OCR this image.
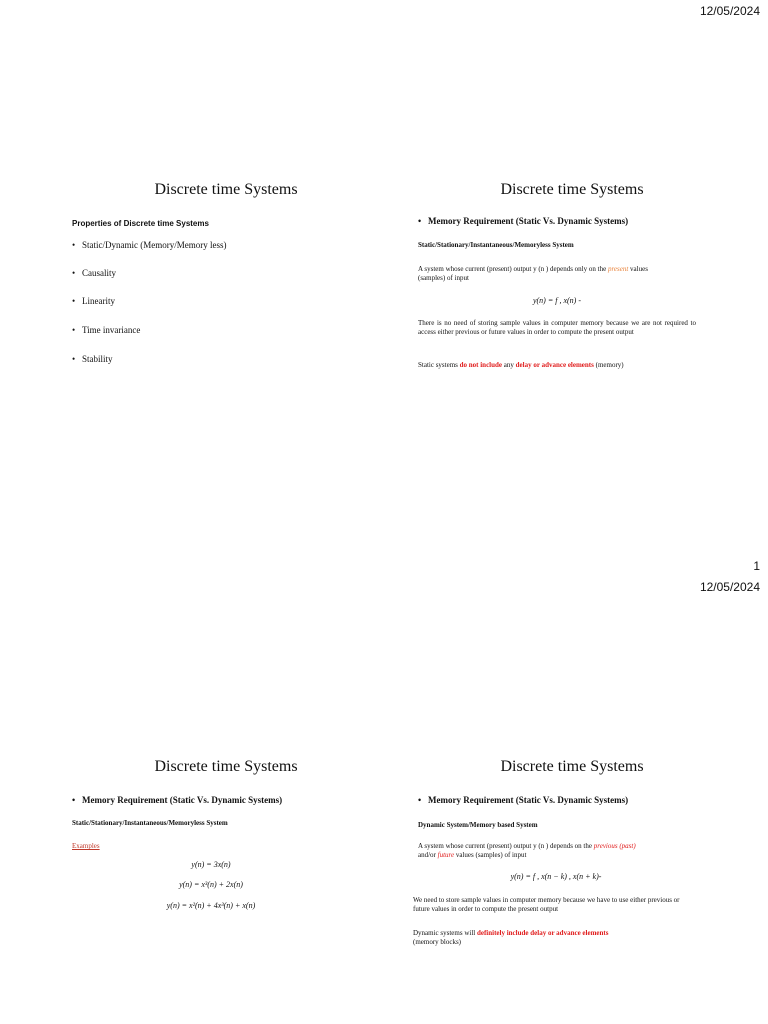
12/05/2024
Discrete time Systems
Properties of Discrete time Systems
• Static/Dynamic (Memory/Memory less)
• Causality
• Linearity
• Time invariance
• Stability
Discrete time Systems
• Memory Requirement (Static Vs. Dynamic Systems)
Static/Stationary/Instantaneous/Memoryless System
A system whose current (present) output y (n ) depends only on the present values
(samples) of input
y(n) = f , x(n) -
There is no need of storing sample values in computer memory because we are not required to access either previous or future values in order to compute the present output
Static systems do not include any delay or advance elements (memory)
1
12/05/2024
Discrete time Systems
• Memory Requirement (Static Vs. Dynamic Systems)
Static/Stationary/Instantaneous/Memoryless System
Examples
y(n) = 3x(n)
y(n) = x³(n) + 2x(n)
y(n) = x²(n) + 4x³(n) + x(n)
Discrete time Systems
• Memory Requirement (Static Vs. Dynamic Systems)
Dynamic System/Memory based System
A system whose current (present) output y (n ) depends on the previous (past)
and/or future values (samples) of input
y(n) = f , x(n − k) , x(n + k)-
We need to store sample values in computer memory because we have to use either previous or future values in order to compute the present output
Dynamic systems will definitely include delay or advance elements
(memory blocks)
